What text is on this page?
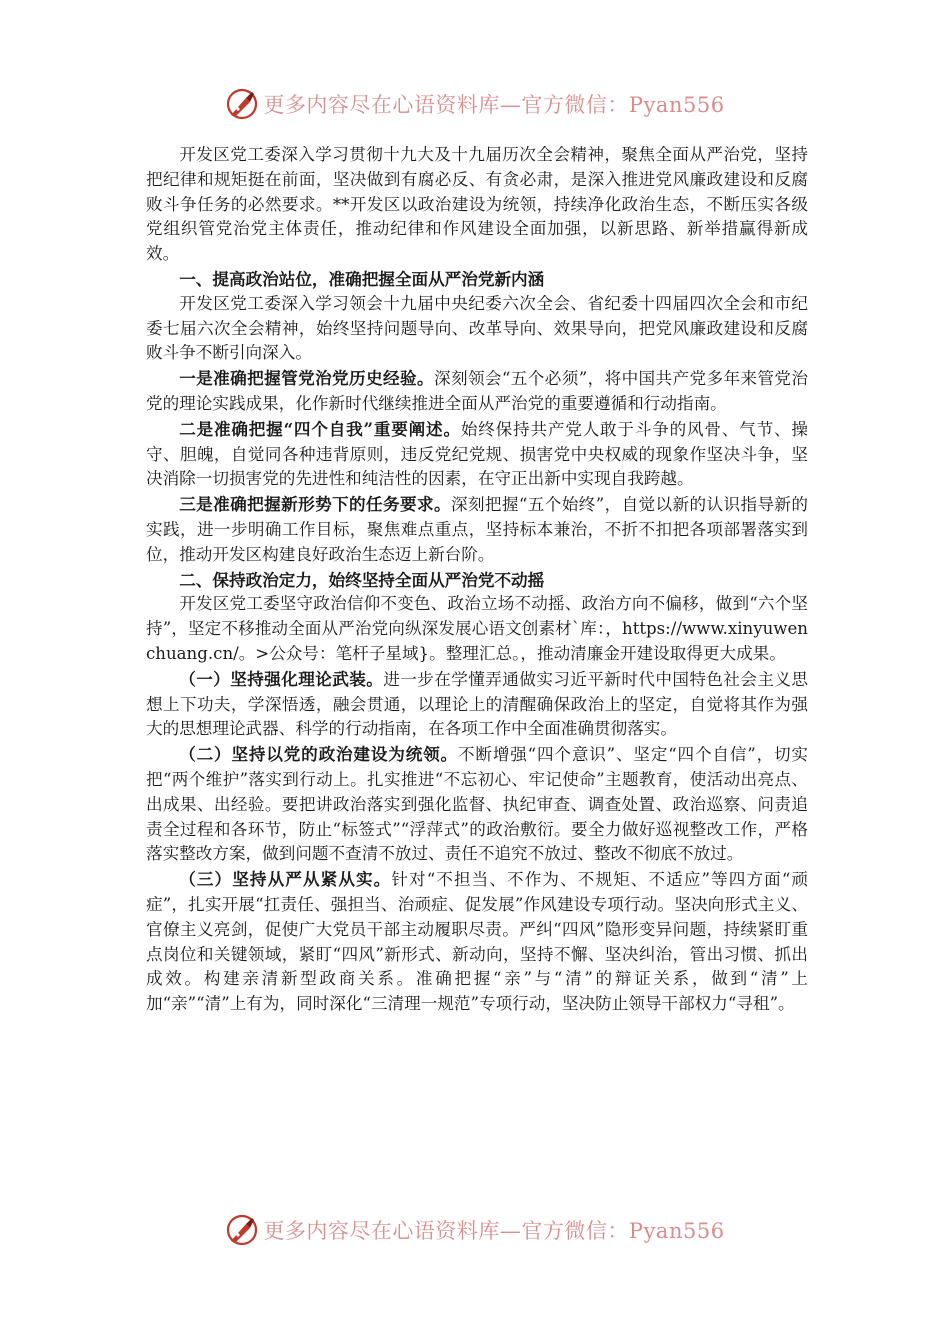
更多内容尽在心语资料库—官方微信：Pyan556

开发区党工委深入学习贯彻十九大及十九届历次全会精神，聚焦全面从严治党，坚持把纪律和规矩挺在前面，坚决做到有腐必反、有贪必肃，是深入推进党风廉政建设和反腐败斗争任务的必然要求。**开发区以政治建设为统领，持续净化政治生态，不断压实各级党组织管党治党主体责任，推动纪律和作风建设全面加强，以新思路、新举措赢得新成效。

一、提高政治站位，准确把握全面从严治党新内涵

开发区党工委深入学习领会十九届中央纪委六次全会、省纪委十四届四次全会和市纪委七届六次全会精神，始终坚持问题导向、改革导向、效果导向，把党风廉政建设和反腐败斗争不断引向深入。

一是准确把握管党治党历史经验。深刻领会“五个必须”，将中国共产党多年来管党治党的理论实践成果，化作新时代继续推进全面从严治党的重要遵循和行动指南。

二是准确把握“四个自我”重要阐述。始终保持共产党人敢于斗争的风骨、气节、操守、胆魄，自觉同各种违背原则，违反党纪党规、损害党中央权威的现象作坚决斗争，坚决消除一切损害党的先进性和纯洁性的因素，在守正出新中实现自我跨越。

三是准确把握新形势下的任务要求。深刻把握“五个始终”，自觉以新的认识指导新的实践，进一步明确工作目标，聚焦难点重点，坚持标本兼治，不折不扣把各项部署落实到位，推动开发区构建良好政治生态迈上新台阶。

二、保持政治定力，始终坚持全面从严治党不动摇

开发区党工委坚守政治信仰不变色、政治立场不动摇、政治方向不偏移，做到“六个坚持”，坚定不移推动全面从严治党向纵深发展心语文创素材`库：，https://www.xinyuwenchuang.cn/。>公众号：笔杆子星域}。整理汇总。，推动清廉金开建设取得更大成果。

（一）坚持强化理论武装。进一步在学懂弄通做实习近平新时代中国特色社会主义思想上下功夫，学深悟透，融会贯通，以理论上的清醒确保政治上的坚定，自觉将其作为强大的思想理论武器、科学的行动指南，在各项工作中全面准确贯彻落实。

（二）坚持以党的政治建设为统领。不断增强“四个意识”、坚定“四个自信”，切实把“两个维护”落实到行动上。扎实推进“不忘初心、牢记使命”主题教育，使活动出亮点、出成果、出经验。要把讲政治落实到强化监督、执纪审查、调查处置、政治巡察、问责追责全过程和各环节，防止“标签式”“浮萍式”的政治敷衍。要全力做好巡视整改工作，严格落实整改方案，做到问题不查清不放过、责任不追究不放过、整改不彻底不放过。

（三）坚持从严从紧从实。针对“不担当、不作为、不规矩、不适应”等四方面“顽症”，扎实开展“扛责任、强担当、治顽症、促发展”作风建设专项行动。坚决向形式主义、官僚主义亮剑，促使广大党员干部主动履职尽责。严纠“四风”隐形变异问题，持续紧盯重点岗位和关键领域，紧盯“四风”新形式、新动向，坚持不懈、坚决纠治，管出习惯、抓出成效。构建亲清新型政商关系。准确把握“亲”与“清”的辩证关系，做到“清”上加“亲”“清”上有为，同时深化“三清理一规范”专项行动，坚决防止领导干部权力“寻租”。

更多内容尽在心语资料库—官方微信：Pyan556
